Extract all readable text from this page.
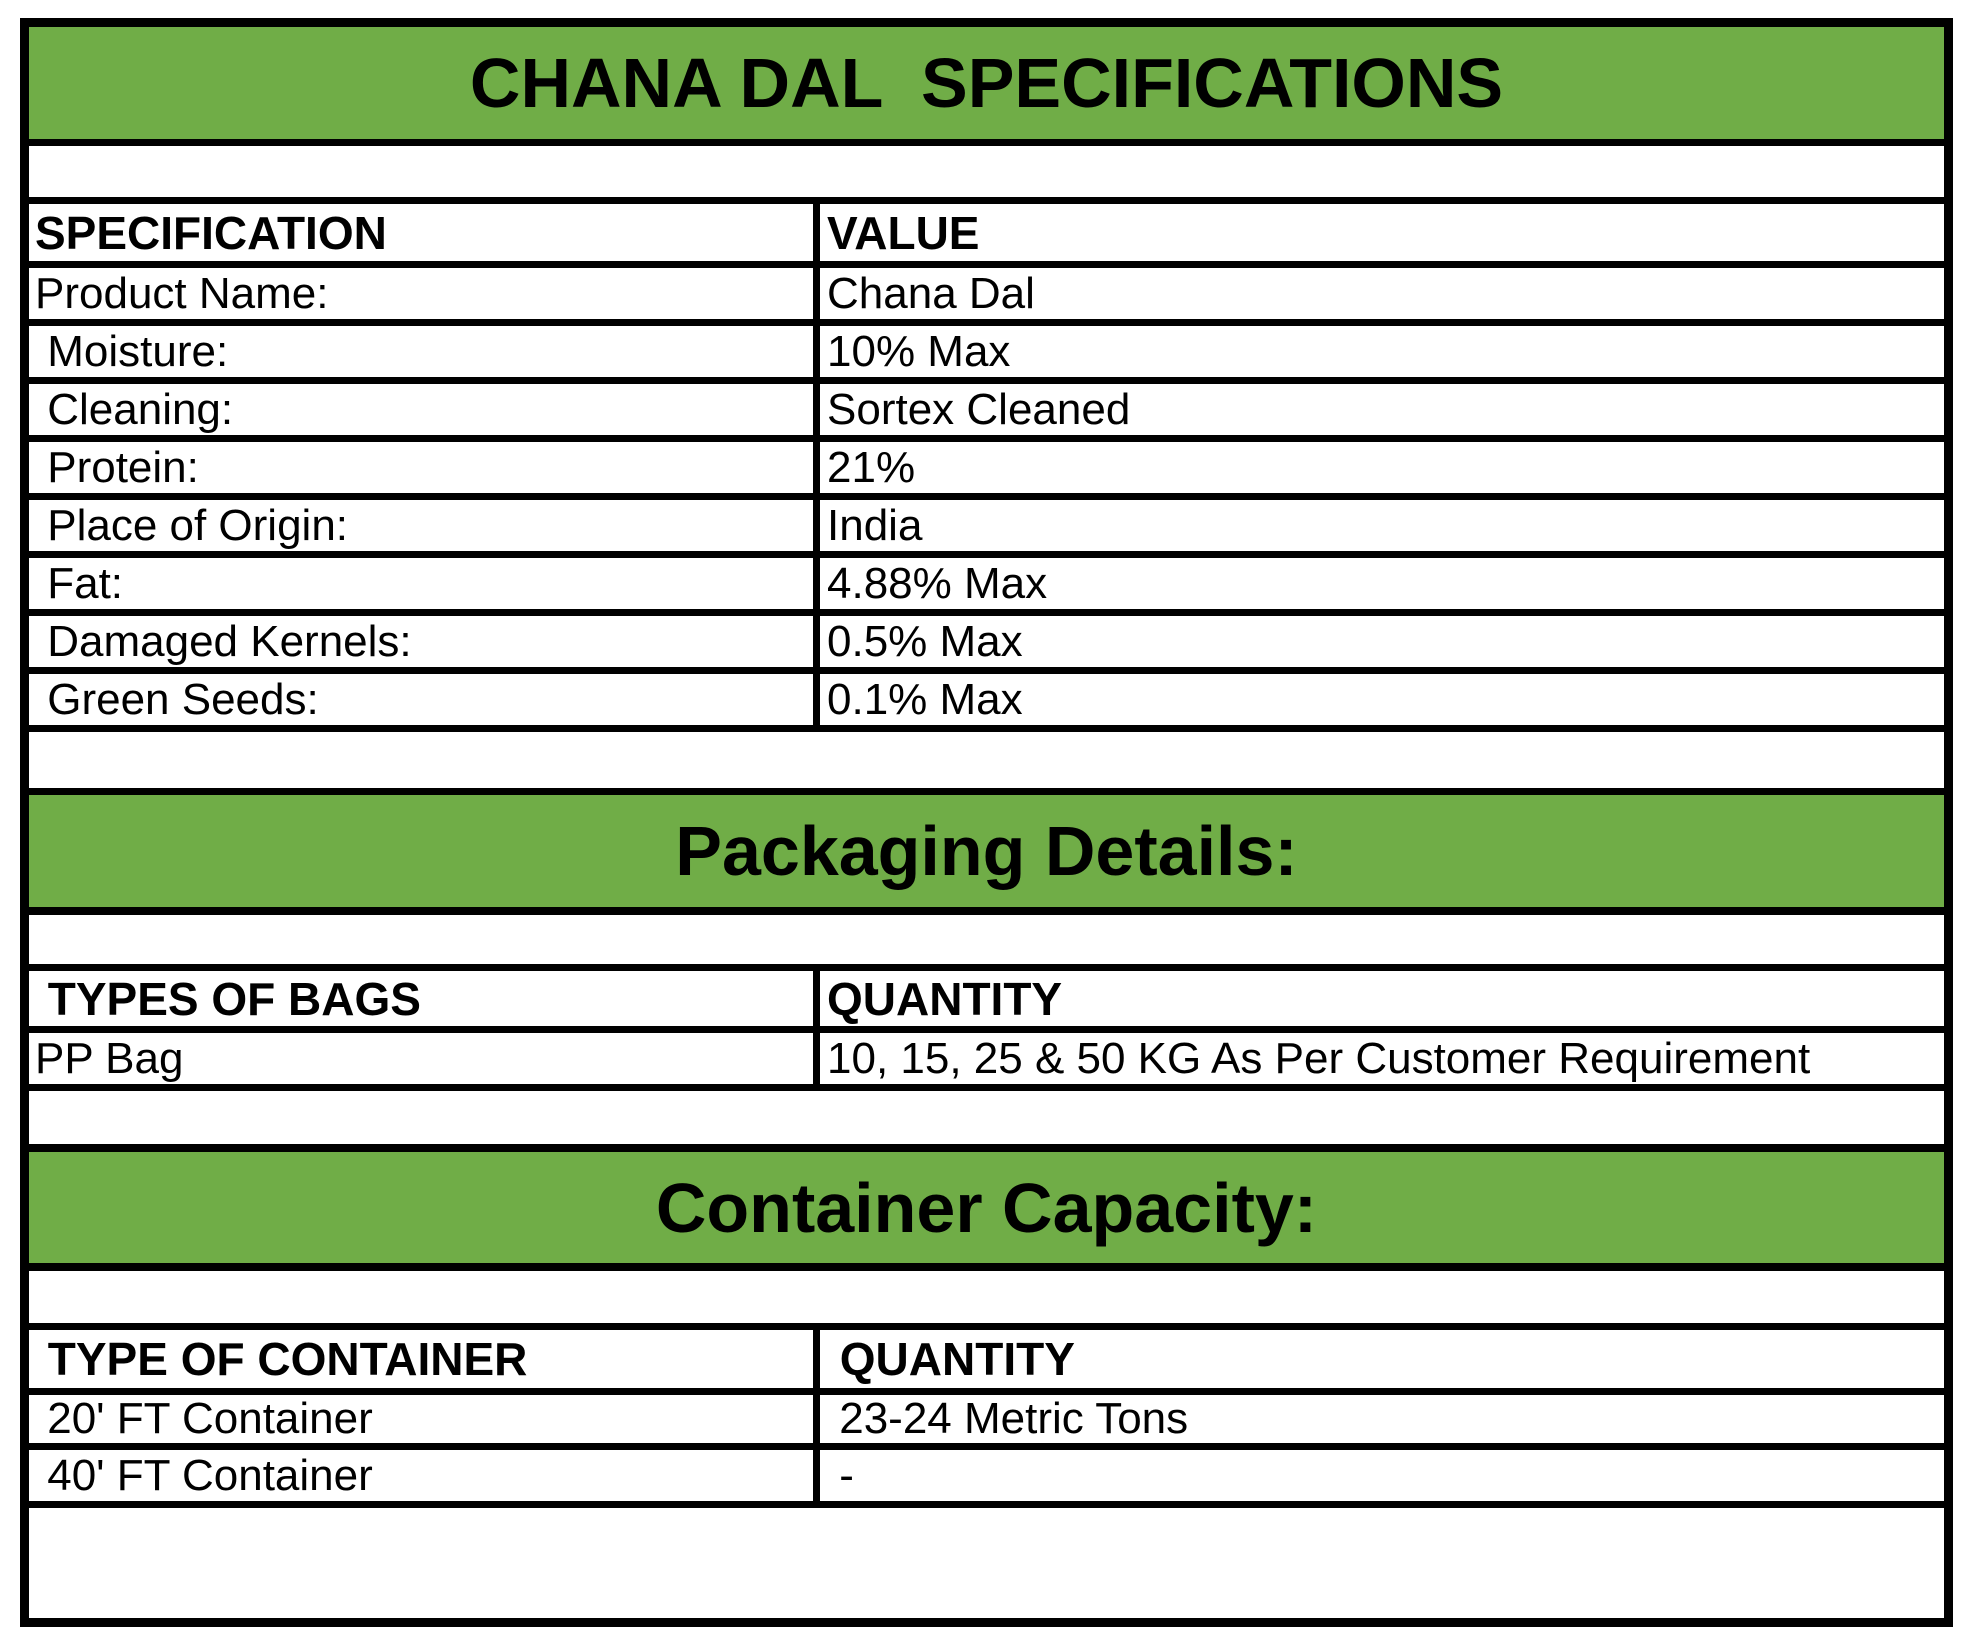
CHANA DAL  SPECIFICATIONS
SPECIFICATION	VALUE
Product Name:	Chana Dal
Moisture:	10% Max
Cleaning:	Sortex Cleaned
Protein:	21%
Place of Origin:	India
Fat:	4.88% Max
Damaged Kernels:	0.5% Max
Green Seeds:	0.1% Max
Packaging Details:
TYPES OF BAGS	QUANTITY
PP Bag	10, 15, 25 & 50 KG As Per Customer Requirement
Container Capacity:
TYPE OF CONTAINER	QUANTITY
20' FT Container	23-24 Metric Tons
40' FT Container	-
